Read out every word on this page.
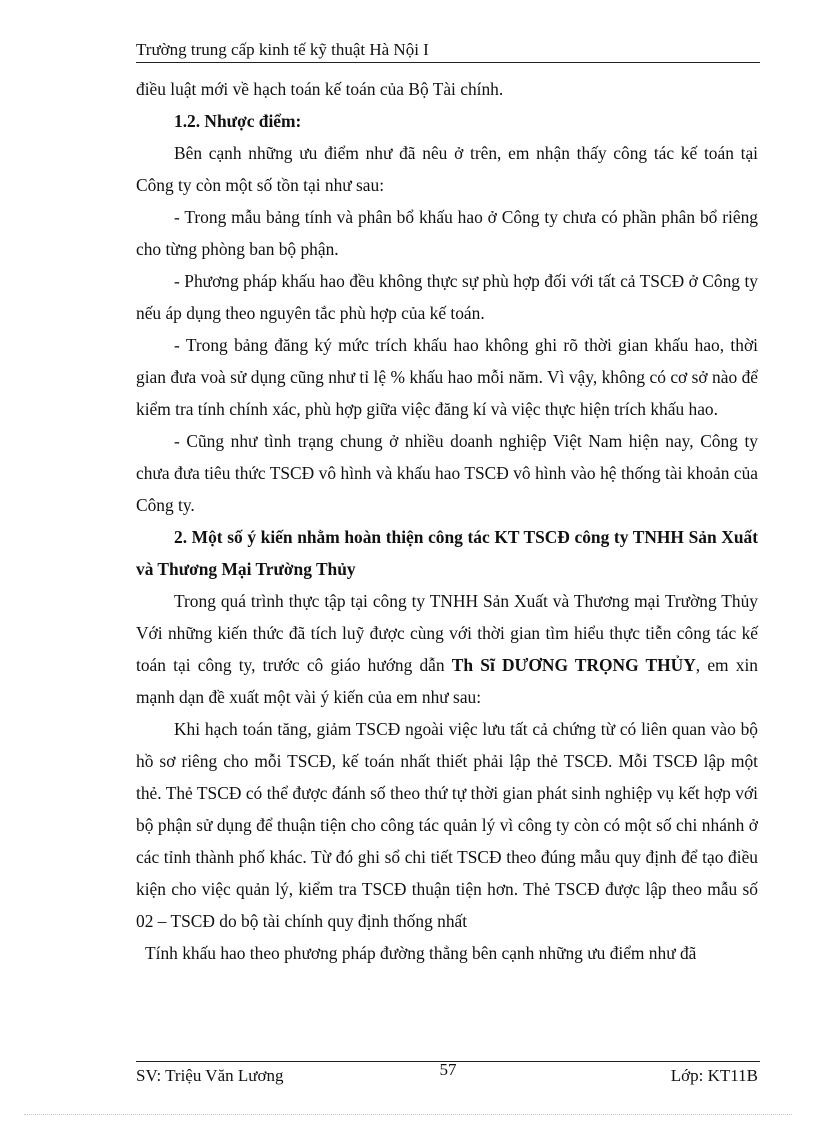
Trường trung cấp kinh tế kỹ thuật Hà Nội I

điều luật mới về hạch toán kế toán của Bộ Tài chính.

1.2. Nhược điểm:

Bên cạnh những ưu điểm như đã nêu ở trên, em nhận thấy công tác kế toán tại Công ty còn một số tồn tại như sau:

- Trong mẫu bảng tính và phân bổ khấu hao ở Công ty chưa có phần phân bổ riêng cho từng phòng ban bộ phận.

- Phương pháp khấu hao đều không thực sự phù hợp đối với tất cả TSCĐ ở Công ty nếu áp dụng theo nguyên tắc phù hợp của kế toán.

- Trong bảng đăng ký mức trích khấu hao không ghi rõ thời gian khấu hao, thời gian đưa voà sử dụng cũng như tỉ lệ % khấu hao mỗi năm. Vì vậy, không có cơ sở nào để kiểm tra tính chính xác, phù hợp giữa việc đăng kí và việc thực hiện trích khấu hao.

- Cũng như tình trạng chung ở nhiều doanh nghiệp Việt Nam hiện nay, Công ty chưa đưa tiêu thức TSCĐ vô hình và khấu hao TSCĐ vô hình vào hệ thống tài khoản của Công ty.

2. Một số ý kiến nhằm hoàn thiện công tác KT TSCĐ công ty TNHH Sản Xuất và Thương Mại Trường Thủy

Trong quá trình thực tập tại công ty TNHH Sản Xuất và Thương mại Trường Thủy Với những kiến thức đã tích luỹ được cùng với thời gian tìm hiểu thực tiễn công tác kế toán tại công ty, trước cô giáo hướng dẫn Th Sĩ DƯƠNG TRỌNG THỦY, em xin mạnh dạn đề xuất một vài ý kiến của em như sau:

Khi hạch toán tăng, giảm TSCĐ ngoài việc lưu tất cả chứng từ có liên quan vào bộ hồ sơ riêng cho mỗi TSCĐ, kế toán nhất thiết phải lập thẻ TSCĐ. Mỗi TSCĐ lập một thẻ. Thẻ TSCĐ có thể được đánh số theo thứ tự thời gian phát sinh nghiệp vụ kết hợp với bộ phận sử dụng để thuận tiện cho công tác quản lý vì công ty còn có một số chi nhánh ở các tỉnh thành phố khác. Từ đó ghi sổ chi tiết TSCĐ theo đúng mẫu quy định để tạo điều kiện cho việc quản lý, kiểm tra TSCĐ thuận tiện hơn. Thẻ TSCĐ được lập theo mẫu số 02 – TSCĐ do bộ tài chính quy định thống nhất

Tính khấu hao theo phương pháp đường thẳng bên cạnh những ưu điểm như đã

SV: Triệu Văn Lương	57	Lớp: KT11B
